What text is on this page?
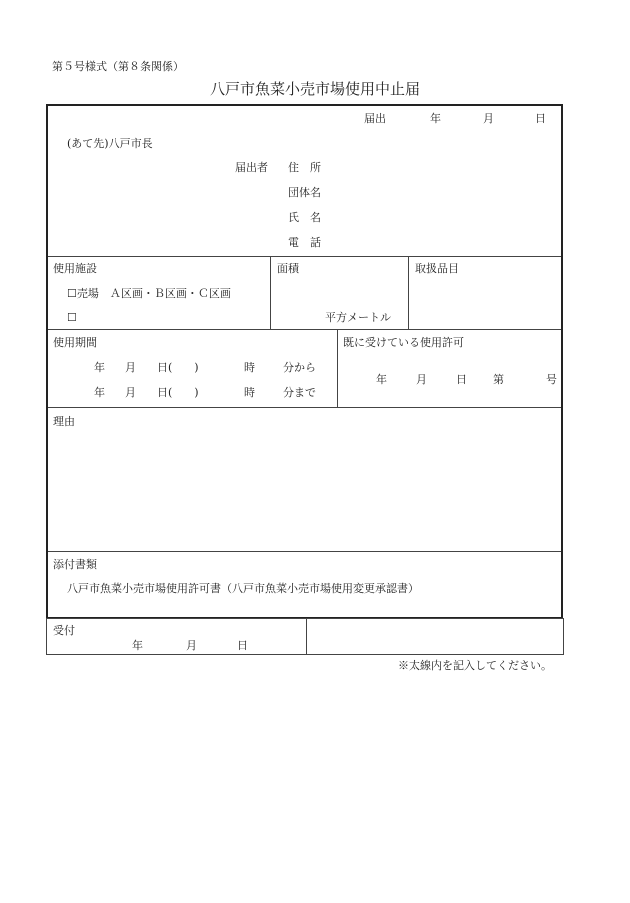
第５号様式（第８条関係）
八戸市魚菜小売市場使用中止届
届出	年	月	日
(あて先)八戸市長
届出者 住　所
団体名
氏　名
電　話
使用施設
☐売場　Ａ区画・Ｂ区画・Ｃ区画
☐
面積
平方メートル
取扱品目
使用期間
年 月 日(　　)	時	分から
年 月 日(　　)	時	分まで
既に受けている使用許可
年	月	日 第	号
理由
添付書類
八戸市魚菜小売市場使用許可書（八戸市魚菜小売市場使用変更承認書）
受付
年	月	日
※太線内を記入してください。
